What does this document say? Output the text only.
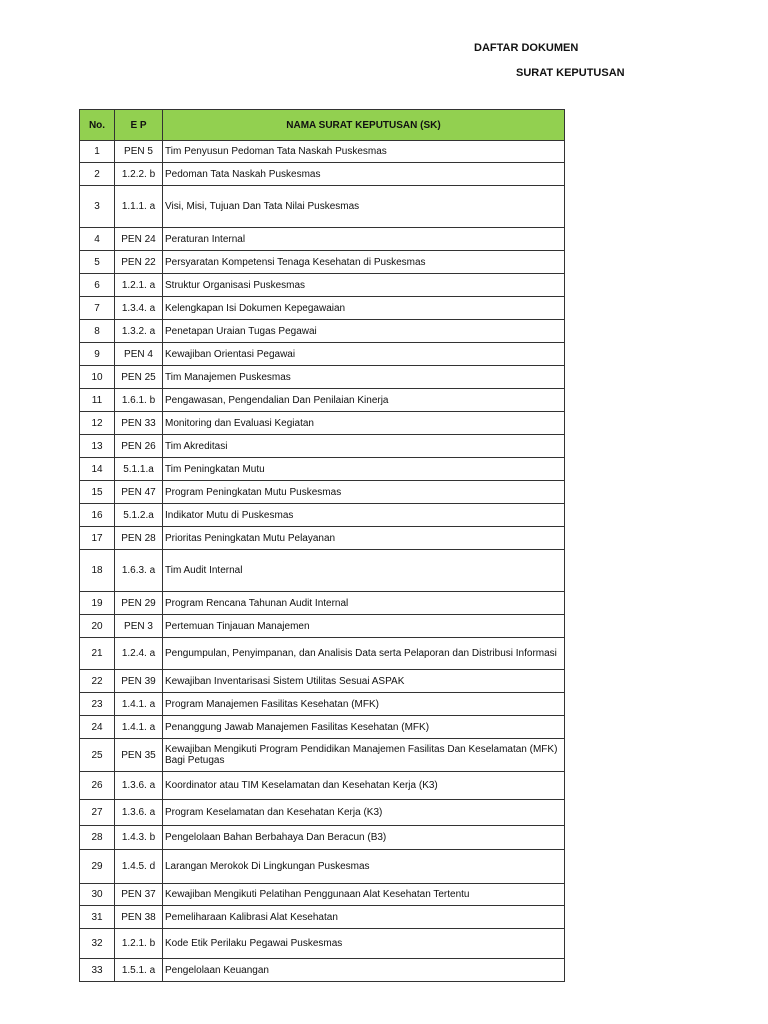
DAFTAR DOKUMEN
SURAT KEPUTUSAN
No.	E P	NAMA SURAT KEPUTUSAN (SK)
1	PEN 5	Tim Penyusun Pedoman Tata Naskah Puskesmas
2	1.2.2. b	Pedoman Tata Naskah Puskesmas
3	1.1.1. a	Visi, Misi, Tujuan Dan Tata Nilai Puskesmas
4	PEN 24	Peraturan Internal
5	PEN 22	Persyaratan Kompetensi Tenaga Kesehatan di Puskesmas
6	1.2.1. a	Struktur Organisasi Puskesmas
7	1.3.4. a	Kelengkapan Isi Dokumen Kepegawaian
8	1.3.2. a	Penetapan Uraian Tugas Pegawai
9	PEN 4	Kewajiban Orientasi Pegawai
10	PEN 25	Tim Manajemen Puskesmas
11	1.6.1. b	Pengawasan, Pengendalian Dan Penilaian Kinerja
12	PEN 33	Monitoring dan Evaluasi Kegiatan
13	PEN 26	Tim Akreditasi
14	5.1.1.a	Tim Peningkatan Mutu
15	PEN 47	Program Peningkatan Mutu Puskesmas
16	5.1.2.a	Indikator Mutu di Puskesmas
17	PEN 28	Prioritas Peningkatan Mutu Pelayanan
18	1.6.3. a	Tim Audit Internal
19	PEN 29	Program Rencana Tahunan Audit Internal
20	PEN 3	Pertemuan Tinjauan Manajemen
21	1.2.4. a	Pengumpulan, Penyimpanan, dan Analisis Data serta Pelaporan dan Distribusi Informasi
22	PEN 39	Kewajiban Inventarisasi Sistem Utilitas Sesuai ASPAK
23	1.4.1. a	Program Manajemen Fasilitas Kesehatan (MFK)
24	1.4.1. a	Penanggung Jawab Manajemen Fasilitas Kesehatan (MFK)
25	PEN 35	Kewajiban Mengikuti Program Pendidikan Manajemen Fasilitas Dan Keselamatan (MFK) Bagi Petugas
26	1.3.6. a	Koordinator atau TIM Keselamatan dan Kesehatan Kerja (K3)
27	1.3.6. a	Program Keselamatan dan Kesehatan Kerja (K3)
28	1.4.3. b	Pengelolaan Bahan Berbahaya Dan Beracun (B3)
29	1.4.5. d	Larangan Merokok Di Lingkungan Puskesmas
30	PEN 37	Kewajiban Mengikuti Pelatihan Penggunaan Alat Kesehatan Tertentu
31	PEN 38	Pemeliharaan Kalibrasi Alat Kesehatan
32	1.2.1. b	Kode Etik Perilaku Pegawai Puskesmas
33	1.5.1. a	Pengelolaan Keuangan
